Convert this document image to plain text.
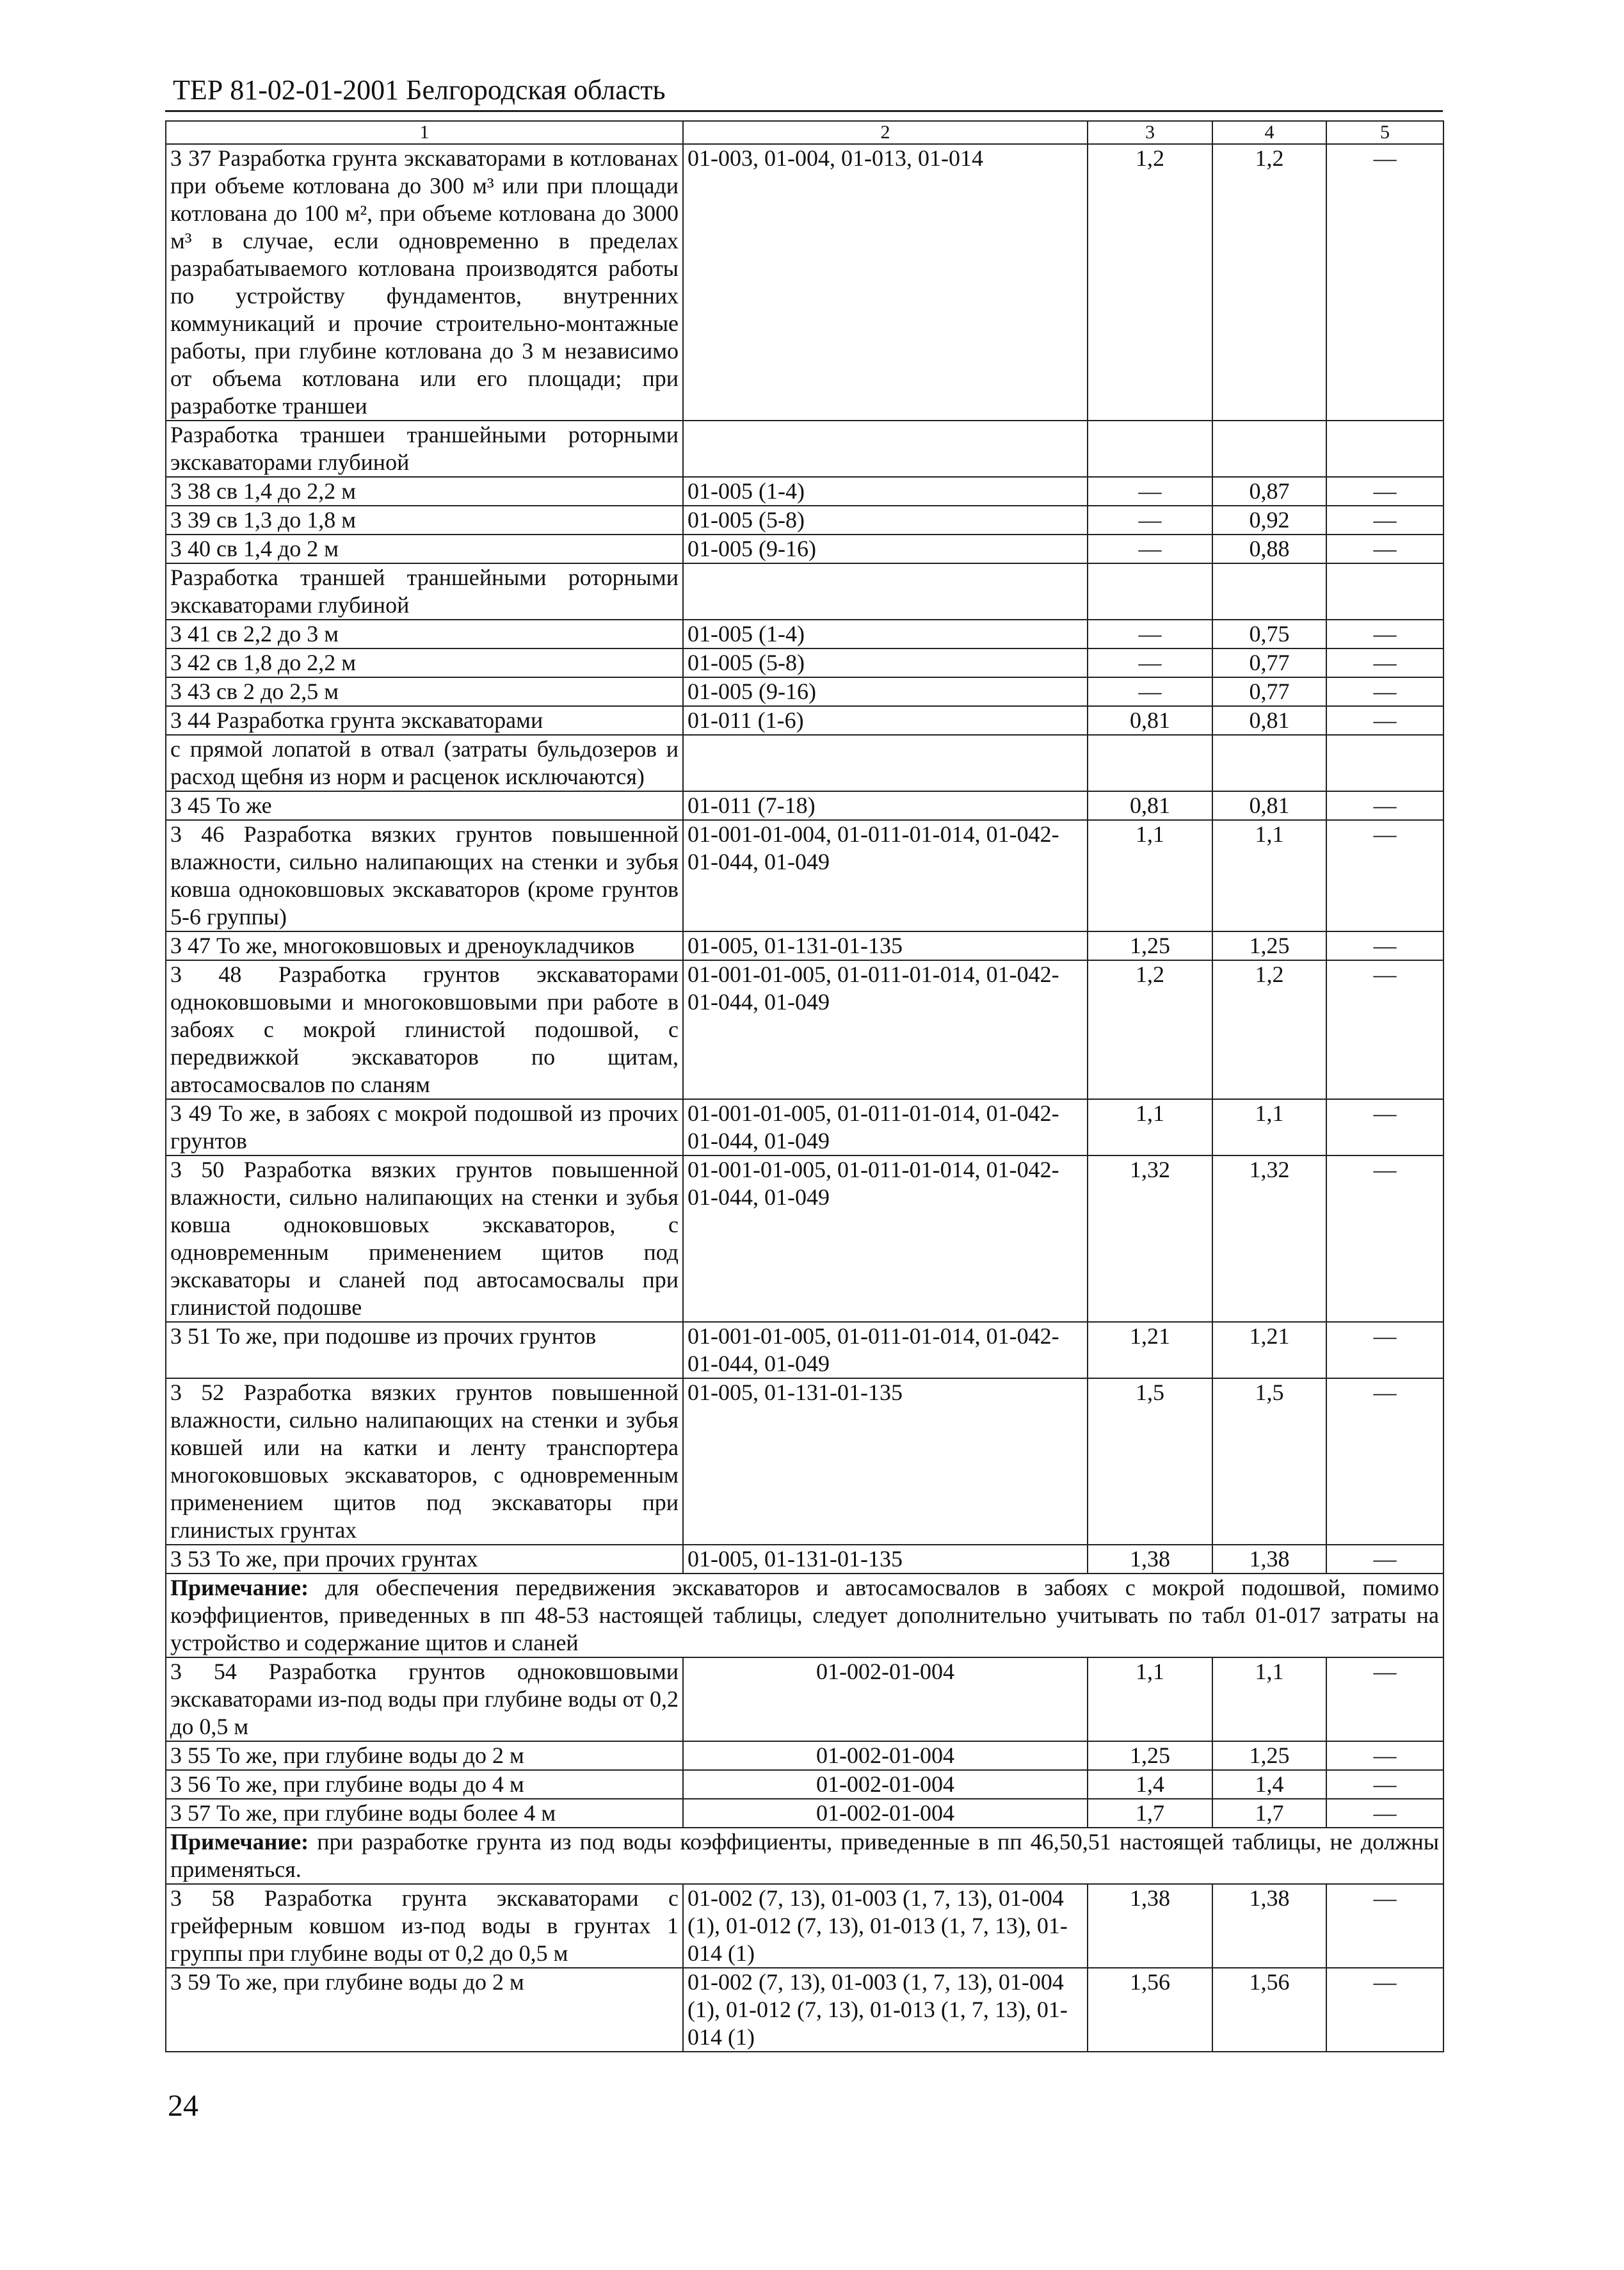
ТЕР 81-02-01-2001 Белгородская область
1	2	3	4	5
3 37 Разработка грунта экскаваторами в котлованах при объеме котлована до 300 м³ или при площади котлована до 100 м², при объеме котлована до 3000 м³ в случае, если одновременно в пределах разрабатываемого котлована производятся работы по устройству фундаментов, внутренних коммуникаций и прочие строительно-монтажные работы, при глубине котлована до 3 м независимо от объема котлована или его площади; при разработке траншеи	01-003, 01-004, 01-013, 01-014	1,2	1,2	—
Разработка траншеи траншейными роторными экскаваторами глубиной				
3 38 св 1,4 до 2,2 м	01-005 (1-4)	—	0,87	—
3 39 св 1,3 до 1,8 м	01-005 (5-8)	—	0,92	—
3 40 св 1,4 до 2 м	01-005 (9-16)	—	0,88	—
Разработка траншей траншейными роторными экскаваторами глубиной				
3 41 св 2,2 до 3 м	01-005 (1-4)	—	0,75	—
3 42 св 1,8 до 2,2 м	01-005 (5-8)	—	0,77	—
3 43 св 2 до 2,5 м	01-005 (9-16)	—	0,77	—
3 44 Разработка грунта экскаваторами	01-011 (1-6)	0,81	0,81	—
с прямой лопатой в отвал (затраты бульдозеров и расход щебня из норм и расценок исключаются)				
3 45 То же	01-011 (7-18)	0,81	0,81	—
3 46 Разработка вязких грунтов повышенной влажности, сильно налипающих на стенки и зубья ковша одноковшовых экскаваторов (кроме грунтов 5-6 группы)	01-001-01-004, 01-011-01-014, 01-042-01-044, 01-049	1,1	1,1	—
3 47 То же, многоковшовых и дреноукладчиков	01-005, 01-131-01-135	1,25	1,25	—
3 48 Разработка грунтов экскаваторами одноковшовыми и многоковшовыми при работе в забоях с мокрой глинистой подошвой, с передвижкой экскаваторов по щитам, автосамосвалов по сланям	01-001-01-005, 01-011-01-014, 01-042-01-044, 01-049	1,2	1,2	—
3 49 То же, в забоях с мокрой подошвой из прочих грунтов	01-001-01-005, 01-011-01-014, 01-042-01-044, 01-049	1,1	1,1	—
3 50 Разработка вязких грунтов повышенной влажности, сильно налипающих на стенки и зубья ковша одноковшовых экскаваторов, с одновременным применением щитов под экскаваторы и сланей под автосамосвалы при глинистой подошве	01-001-01-005, 01-011-01-014, 01-042-01-044, 01-049	1,32	1,32	—
3 51 То же, при подошве из прочих грунтов	01-001-01-005, 01-011-01-014, 01-042-01-044, 01-049	1,21	1,21	—
3 52 Разработка вязких грунтов повышенной влажности, сильно налипающих на стенки и зубья ковшей или на катки и ленту транспортера многоковшовых экскаваторов, с одновременным применением щитов под экскаваторы при глинистых грунтах	01-005, 01-131-01-135	1,5	1,5	—
3 53 То же, при прочих грунтах	01-005, 01-131-01-135	1,38	1,38	—
Примечание: для обеспечения передвижения экскаваторов и автосамосвалов в забоях с мокрой подошвой, помимо коэффициентов, приведенных в пп 48-53 настоящей таблицы, следует дополнительно учитывать по табл 01-017 затраты на устройство и содержание щитов и сланей				
3 54 Разработка грунтов одноковшовыми экскаваторами из-под воды при глубине воды от 0,2 до 0,5 м	01-002-01-004	1,1	1,1	—
3 55 То же, при глубине воды до 2 м	01-002-01-004	1,25	1,25	—
3 56 То же, при глубине воды до 4 м	01-002-01-004	1,4	1,4	—
3 57 То же, при глубине воды более 4 м	01-002-01-004	1,7	1,7	—
Примечание: при разработке грунта из под воды коэффициенты, приведенные в пп 46,50,51 настоящей таблицы, не должны применяться.				
3 58 Разработка грунта экскаваторами с грейферным ковшом из-под воды в грунтах 1 группы при глубине воды от 0,2 до 0,5 м	01-002 (7, 13), 01-003 (1, 7, 13), 01-004 (1), 01-012 (7, 13), 01-013 (1, 7, 13), 01-014 (1)	1,38	1,38	—
3 59 То же, при глубине воды до 2 м	01-002 (7, 13), 01-003 (1, 7, 13), 01-004 (1), 01-012 (7, 13), 01-013 (1, 7, 13), 01-014 (1)	1,56	1,56	—
24
